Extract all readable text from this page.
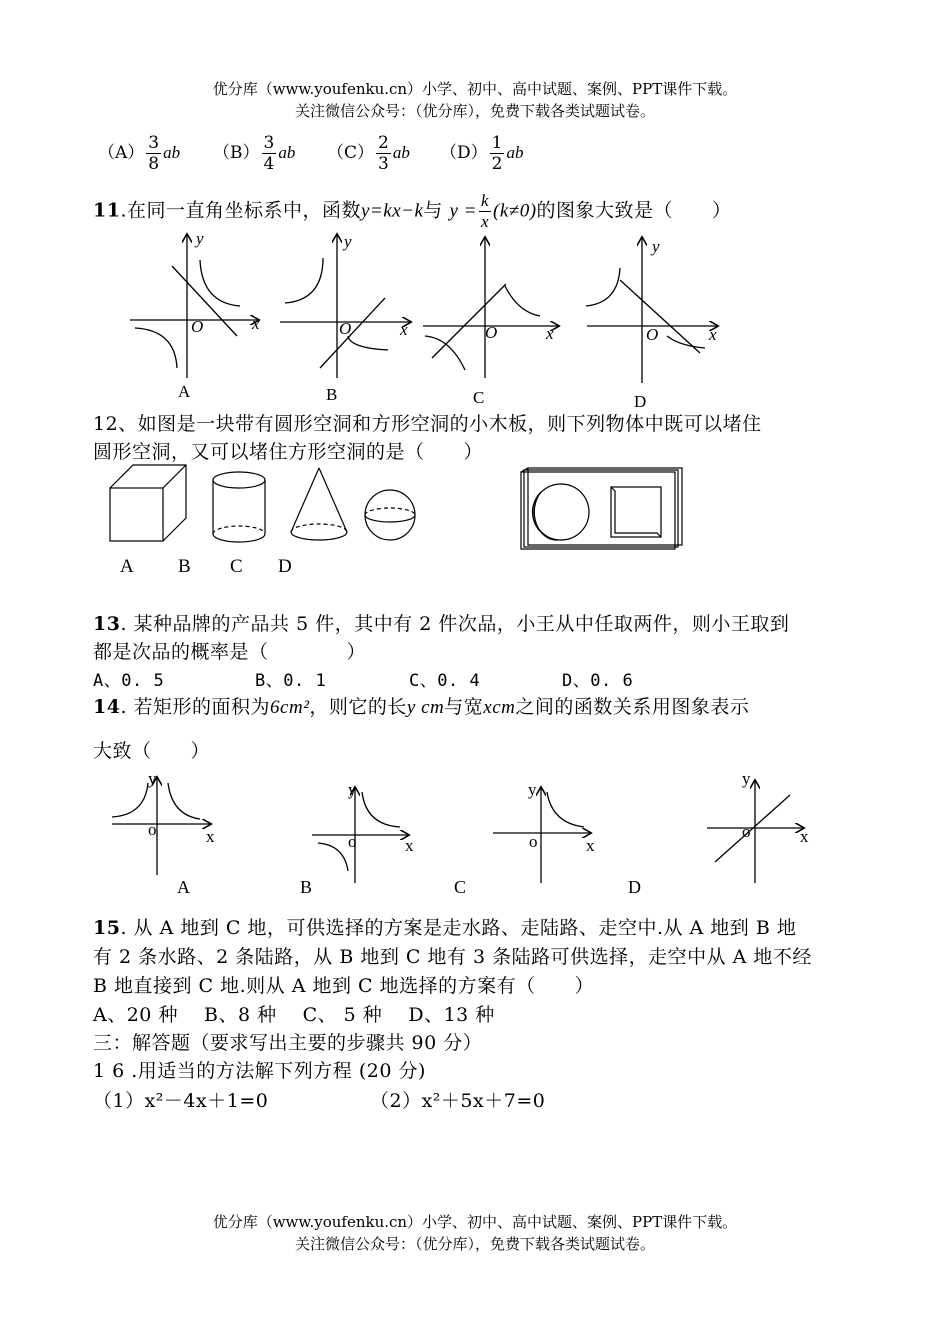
优分库（www.youfenku.cn）小学、初中、高中试题、案例、PPT课件下载。
关注微信公众号：（优分库），免费下载各类试题试卷。
$(A) \frac{3}{8}$ ab $(B) \frac{3}{4}$ ab $(C) \frac{2}{3}$ ab $(D) \frac{1}{2}$ ab
11.在同一直角坐标系中，函数y=kx−k与 $y = \frac{k}{x} (k\ne 0)$的图象大致是（　　）
y
x
O
y
x
O	x
O
y
x
O
A	B	C	D
12、如图是一块带有圆形空洞和方形空洞的小木板，则下列物体中既可以堵住
圆形空洞，又可以堵住方形空洞的是（　　）
A B C D
13. 某种品牌的产品共 5 件，其中有 2 件次品，小王从中任取两件，则小王取到
都是次品的概率是（　　　　）
A、0. 5	B、0. 1	C、0. 4	D、0. 6
14. 若矩形的面积为6cm²，则它的长y cm与宽xcm之间的函数关系用图象表示
大致（　　）
y
x
o
y
x
o
y
x
o
y
x
o
A	B	C	D
15. 从 A 地到 C 地，可供选择的方案是走水路、走陆路、走空中.从 A 地到 B 地
有 2 条水路、2 条陆路，从 B 地到 C 地有 3 条陆路可供选择，走空中从 A 地不经
B 地直接到 C 地.则从 A 地到 C 地选择的方案有（　　）
A、20 种　 B、8 种　 C、 5 种　 D、13 种
三：解答题（要求写出主要的步骤共 90 分）
1 6 .用适当的方法解下列方程 (20 分)
（1）x²－4x＋1=0	（2）x²＋5x＋7=0
优分库（www.youfenku.cn）小学、初中、高中试题、案例、PPT课件下载。
关注微信公众号：（优分库），免费下载各类试题试卷。
